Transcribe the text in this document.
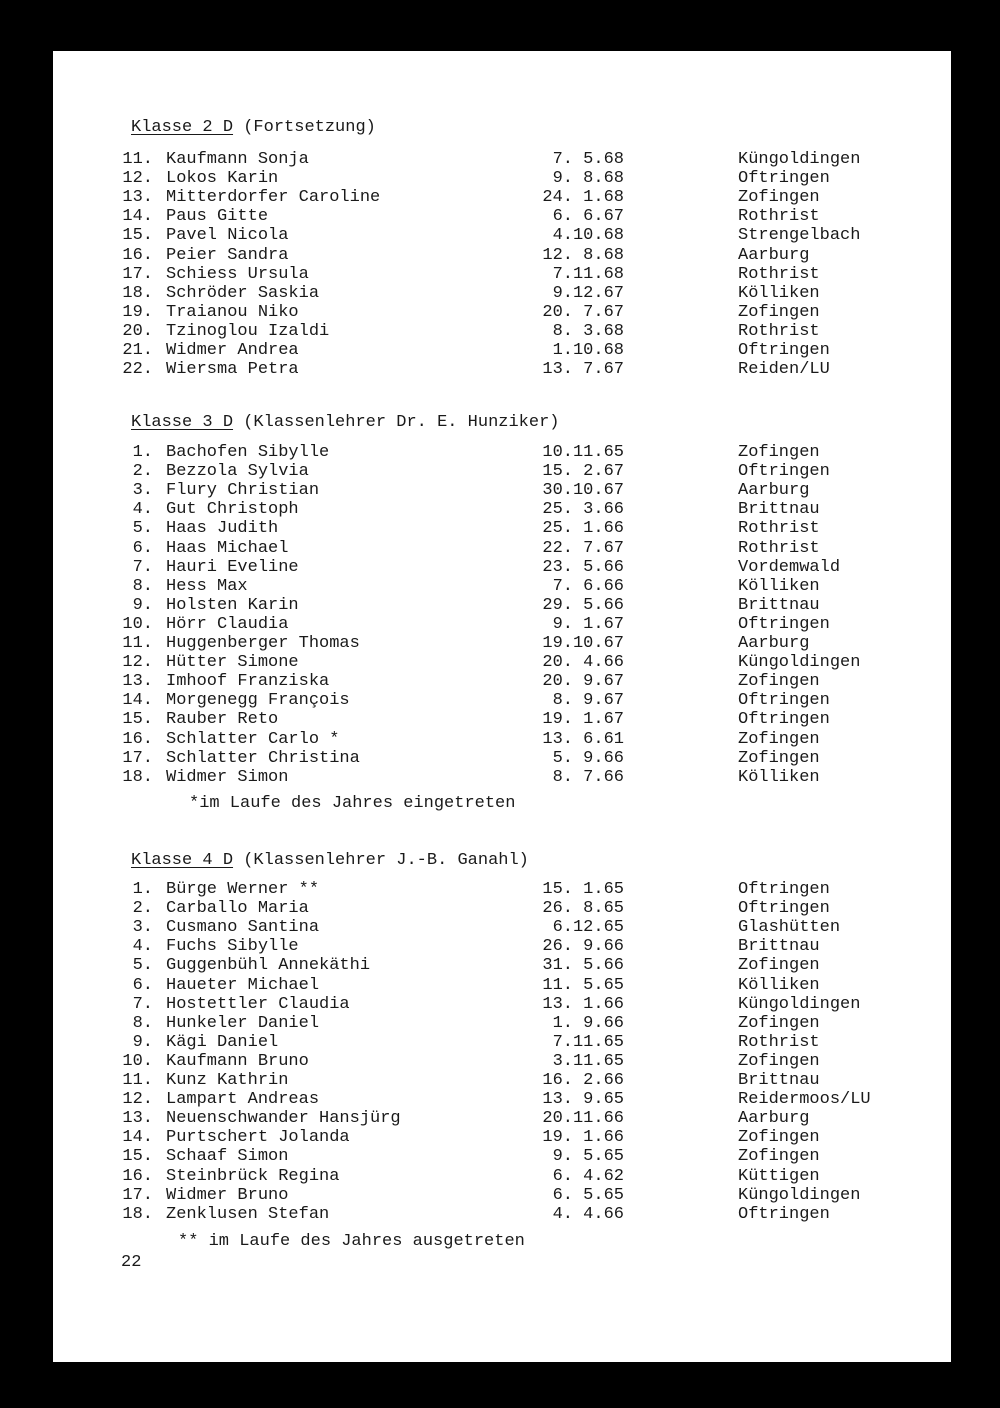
Klasse 2 D (Fortsetzung)
11. Kaufmann Sonja	7. 5.68	Küngoldingen
12. Lokos Karin	9. 8.68	Oftringen
13. Mitterdorfer Caroline	24. 1.68	Zofingen
14. Paus Gitte	6. 6.67	Rothrist
15. Pavel Nicola	4.10.68	Strengelbach
16. Peier Sandra	12. 8.68	Aarburg
17. Schiess Ursula	7.11.68	Rothrist
18. Schröder Saskia	9.12.67	Kölliken
19. Traianou Niko	20. 7.67	Zofingen
20. Tzinoglou Izaldi	8. 3.68	Rothrist
21. Widmer Andrea	1.10.68	Oftringen
22. Wiersma Petra	13. 7.67	Reiden/LU
Klasse 3 D (Klassenlehrer Dr. E. Hunziker)
1. Bachofen Sibylle	10.11.65	Zofingen
2. Bezzola Sylvia	15. 2.67	Oftringen
3. Flury Christian	30.10.67	Aarburg
4. Gut Christoph	25. 3.66	Brittnau
5. Haas Judith	25. 1.66	Rothrist
6. Haas Michael	22. 7.67	Rothrist
7. Hauri Eveline	23. 5.66	Vordemwald
8. Hess Max	7. 6.66	Kölliken
9. Holsten Karin	29. 5.66	Brittnau
10. Hörr Claudia	9. 1.67	Oftringen
11. Huggenberger Thomas	19.10.67	Aarburg
12. Hütter Simone	20. 4.66	Küngoldingen
13. Imhoof Franziska	20. 9.67	Zofingen
14. Morgenegg François	8. 9.67	Oftringen
15. Rauber Reto	19. 1.67	Oftringen
16. Schlatter Carlo *	13. 6.61	Zofingen
17. Schlatter Christina	5. 9.66	Zofingen
18. Widmer Simon	8. 7.66	Kölliken
*im Laufe des Jahres eingetreten
Klasse 4 D (Klassenlehrer J.-B. Ganahl)
1. Bürge Werner **	15. 1.65	Oftringen
2. Carballo Maria	26. 8.65	Oftringen
3. Cusmano Santina	6.12.65	Glashütten
4. Fuchs Sibylle	26. 9.66	Brittnau
5. Guggenbühl Annekäthi	31. 5.66	Zofingen
6. Haueter Michael	11. 5.65	Kölliken
7. Hostettler Claudia	13. 1.66	Küngoldingen
8. Hunkeler Daniel	1. 9.66	Zofingen
9. Kägi Daniel	7.11.65	Rothrist
10. Kaufmann Bruno	3.11.65	Zofingen
11. Kunz Kathrin	16. 2.66	Brittnau
12. Lampart Andreas	13. 9.65	Reidermoos/LU
13. Neuenschwander Hansjürg	20.11.66	Aarburg
14. Purtschert Jolanda	19. 1.66	Zofingen
15. Schaaf Simon	9. 5.65	Zofingen
16. Steinbrück Regina	6. 4.62	Küttigen
17. Widmer Bruno	6. 5.65	Küngoldingen
18. Zenklusen Stefan	4. 4.66	Oftringen
** im Laufe des Jahres ausgetreten
22
